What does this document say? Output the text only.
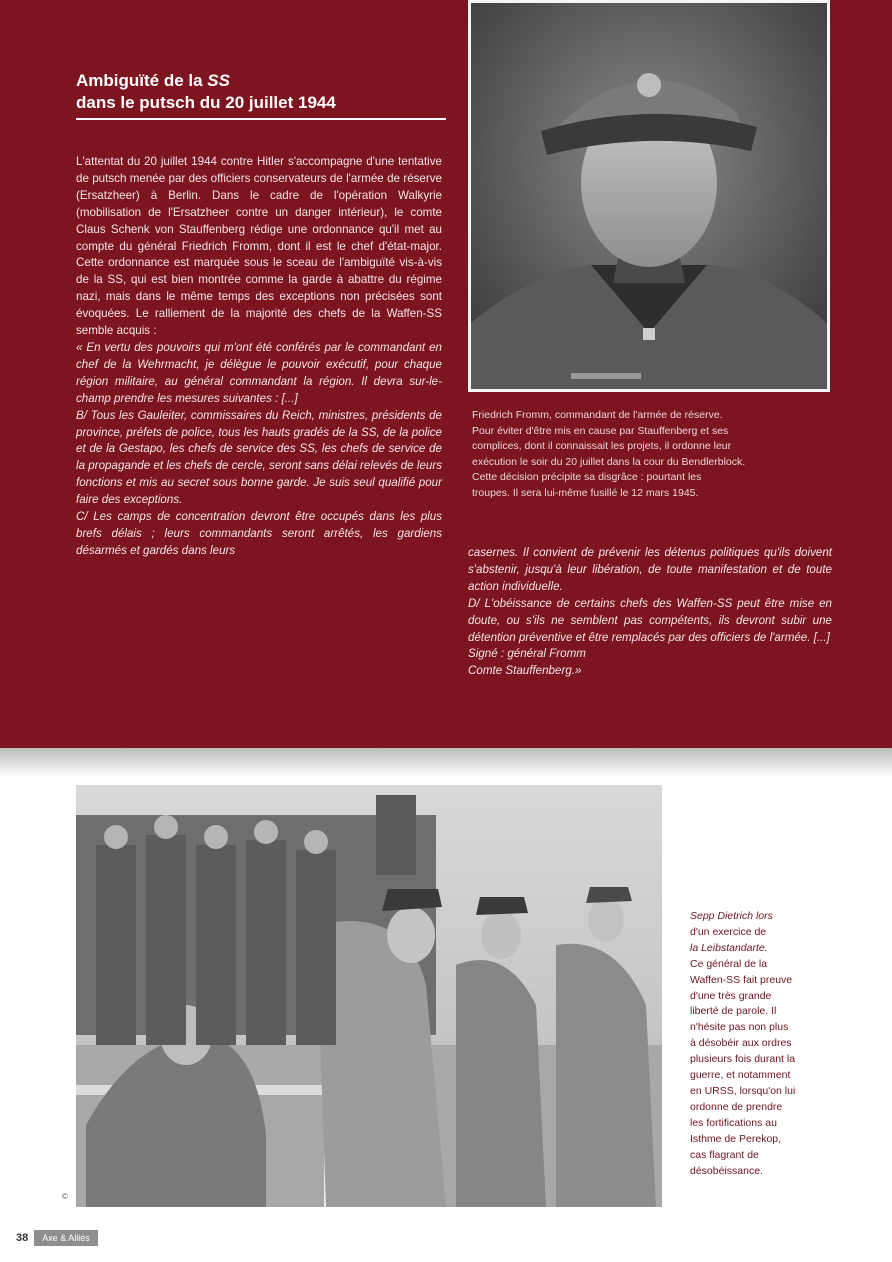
Ambiguïté de la SS
dans le putsch du 20 juillet 1944

L'attentat du 20 juillet 1944 contre Hitler s'accompagne d'une tentative de putsch menée par des officiers conservateurs de l'armée de réserve (Ersatzheer) à Berlin. Dans le cadre de l'opération Walkyrie (mobilisation de l'Ersatzheer contre un danger intérieur), le comte Claus Schenk von Stauffenberg rédige une ordonnance qu'il met au compte du général Friedrich Fromm, dont il est le chef d'état-major. Cette ordonnance est marquée sous le sceau de l'ambiguïté vis-à-vis de la SS, qui est bien montrée comme la garde à abattre du régime nazi, mais dans le même temps des exceptions non précisées sont évoquées. Le ralliement de la majorité des chefs de la Waffen-SS semble acquis :

« En vertu des pouvoirs qui m'ont été conférés par le commandant en chef de la Wehrmacht, je délègue le pouvoir exécutif, pour chaque région militaire, au général commandant la région. Il devra sur-le-champ prendre les mesures suivantes : [...]

B/ Tous les Gauleiter, commissaires du Reich, ministres, présidents de province, préfets de police, tous les hauts gradés de la SS, de la police et de la Gestapo, les chefs de service des SS, les chefs de service de la propagande et les chefs de cercle, seront sans délai relevés de leurs fonctions et mis au secret sous bonne garde. Je suis seul qualifié pour faire des exceptions.

C/ Les camps de concentration devront être occupés dans les plus brefs délais ; leurs commandants seront arrêtés, les gardiens désarmés et gardés dans leurs

Friedrich Fromm, commandant de l'armée de réserve.

Pour éviter d'être mis en cause par Stauffenberg et ses

complices, dont il connaissait les projets, il ordonne leur

exécution le soir du 20 juillet dans la cour du Bendlerblock.

Cette décision précipite sa disgrâce : pourtant les

troupes. Il sera lui-même fusillé le 12 mars 1945.

casernes. Il convient de prévenir les détenus politiques qu'ils doivent s'abstenir, jusqu'à leur libération, de toute manifestation et de toute action individuelle.

D/ L'obéissance de certains chefs des Waffen-SS peut être mise en doute, ou s'ils ne semblent pas compétents, ils devront subir une détention préventive et être remplacés par des officiers de l'armée. [...]

Signé : général Fromm

Comte Stauffenberg.»

©

Sepp Dietrich lors

d'un exercice de

la Leibstandarte.

Ce général de la

Waffen-SS fait preuve

d'une très grande

liberté de parole. Il

n'hésite pas non plus

à désobéir aux ordres

plusieurs fois durant la

guerre, et notamment

en URSS, lorsqu'on lui

ordonne de prendre

les fortifications au

Isthme de Perekop,

cas flagrant de

désobéissance.

38	Axe & Alliés
